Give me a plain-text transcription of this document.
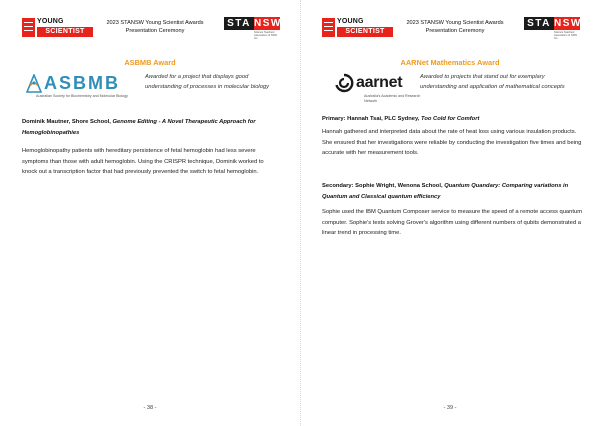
YOUNG
SCIENTIST
2023 STANSW Young Scientist Awards
Presentation Ceremony
STA NSW
Science Teachers' Association of NSW Inc.
ASBMB Award
ASBMB
Australian Society for Biochemistry and Molecular Biology
Awarded for a project that displays good understanding of processes in molecular biology
Dominik Mautner, Shore School, Genome Editing - A Novel Therapeutic Approach for Hemoglobinopathies
Hemoglobinopathy patients with hereditary persistence of fetal hemoglobin had less severe symptoms than those with adult hemoglobin. Using the CRISPR technique, Dominik worked to knock out a transcription factor that had previously prevented the switch to fetal hemoglobin.
- 38 -
YOUNG
SCIENTIST
2023 STANSW Young Scientist Awards
Presentation Ceremony
STA NSW
Science Teachers' Association of NSW Inc.
AARNet Mathematics Award
- 39 -
aarnet
Australia's Academic and Research Network
Awarded to projects that stand out for exemplary understanding and application of mathematical concepts
Primary: Hannah Tsai, PLC Sydney, Too Cold for Comfort
Hannah gathered and interpreted data about the rate of heat loss using various insulation products. She ensured that her investigations were reliable by conducting the investigation five times and being accurate with her measurement tools.
Secondary: Sophie Wright, Wenona School, Quantum Quandary: Comparing variations in Quantum and Classical quantum efficiency
Sophie used the IBM Quantum Composer service to measure the speed of a remote access quantum computer. Sophie's tests solving Grover's algorithm using different numbers of qubits demonstrated a linear trend in processing time.
